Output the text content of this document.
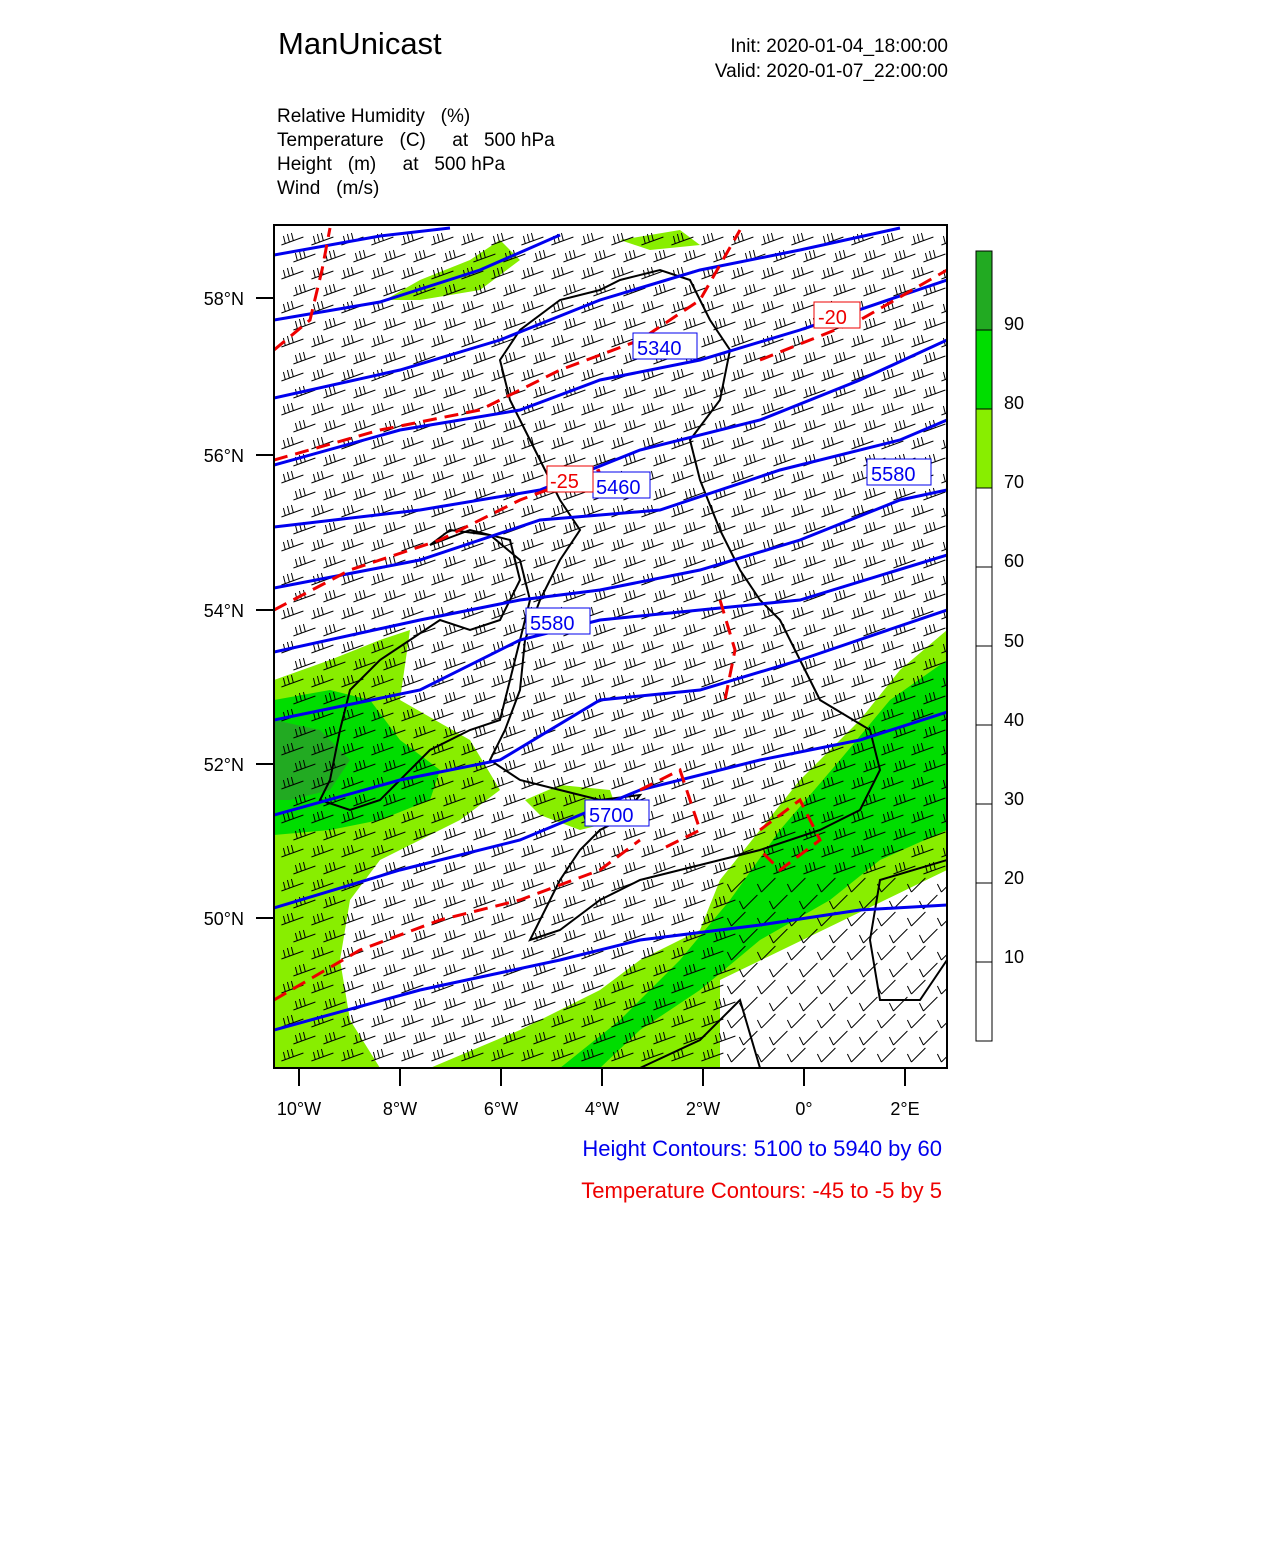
ManUnicast	Init: 2020-01-04_18:00:00
Valid: 2020-01-07_22:00:00
Relative Humidity   (%)
Temperature   (C)     at   500 hPa
Height   (m)     at   500 hPa
Wind   (m/s)
5340
5460
5580
5580
5700
-20
-25
58°N
56°N
54°N
52°N
50°N
10°W	8°W	6°W	4°W	2°W	0°	2°E
90
80
70
60
50
40
30
20
10
Height Contours: 5100 to 5940 by 60
Temperature Contours: -45 to -5 by 5
